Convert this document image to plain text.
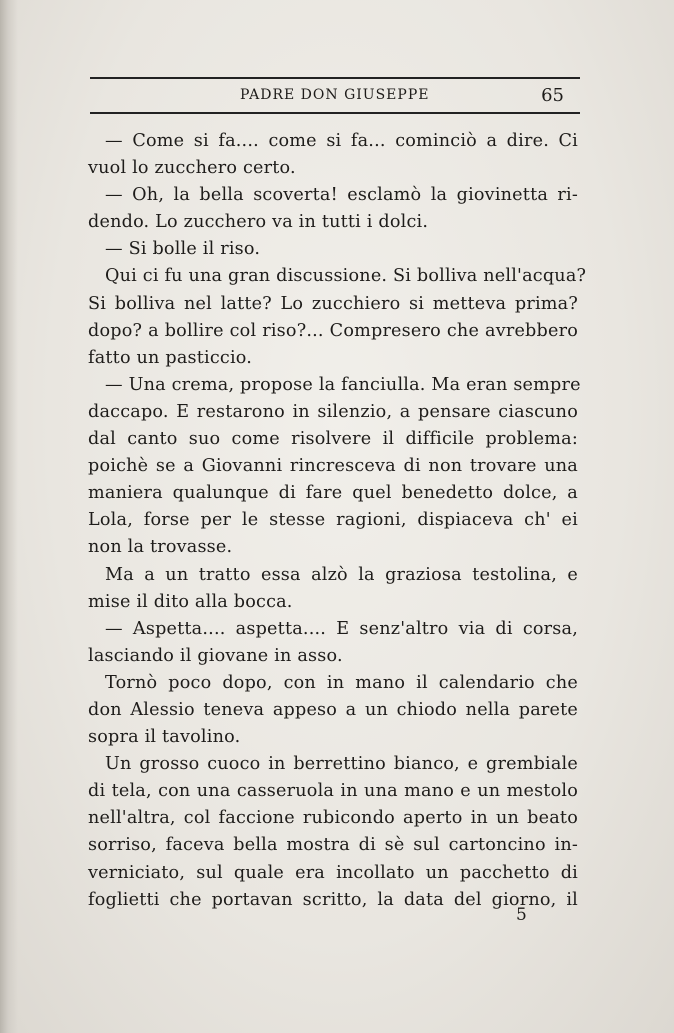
PADRE DON GIUSEPPE	65
— Come si fa.... come si fa... cominciò a dire. Ci
vuol lo zucchero certo.
— Oh, la bella scoverta! esclamò la giovinetta ri-
dendo. Lo zucchero va in tutti i dolci.
— Si bolle il riso.
Qui ci fu una gran discussione. Si bolliva nell'acqua?
Si bolliva nel latte? Lo zucchiero si metteva prima?
dopo? a bollire col riso?... Compresero che avrebbero
fatto un pasticcio.
— Una crema, propose la fanciulla. Ma eran sempre
daccapo. E restarono in silenzio, a pensare ciascuno
dal canto suo come risolvere il difficile problema:
poichè se a Giovanni rincresceva di non trovare una
maniera qualunque di fare quel benedetto dolce, a
Lola, forse per le stesse ragioni, dispiaceva ch' ei
non la trovasse.
Ma a un tratto essa alzò la graziosa testolina, e
mise il dito alla bocca.
— Aspetta.... aspetta.... E senz'altro via di corsa,
lasciando il giovane in asso.
Tornò poco dopo, con in mano il calendario che
don Alessio teneva appeso a un chiodo nella parete
sopra il tavolino.
Un grosso cuoco in berrettino bianco, e grembiale
di tela, con una casseruola in una mano e un mestolo
nell'altra, col faccione rubicondo aperto in un beato
sorriso, faceva bella mostra di sè sul cartoncino in-
verniciato, sul quale era incollato un pacchetto di
foglietti che portavan scritto, la data del giorno, il
5
